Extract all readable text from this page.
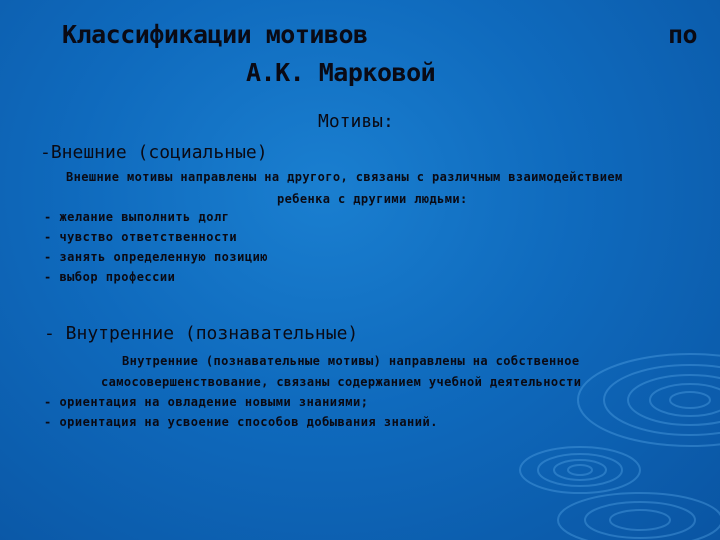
Классификации мотивов	по
А.К. Марковой
Мотивы:
-Внешние (социальные)
Внешние мотивы направлены на другого, связаны с различным взаимодействием
ребенка с другими людьми:
- желание выполнить долг
- чувство ответственности
- занять определенную позицию
- выбор профессии
- Внутренние (познавательные)
Внутренние (познавательные мотивы) направлены на собственное
самосовершенствование, связаны содержанием учебной деятельности
- ориентация на овладение новыми знаниями;
- ориентация на усвоение способов добывания знаний.
